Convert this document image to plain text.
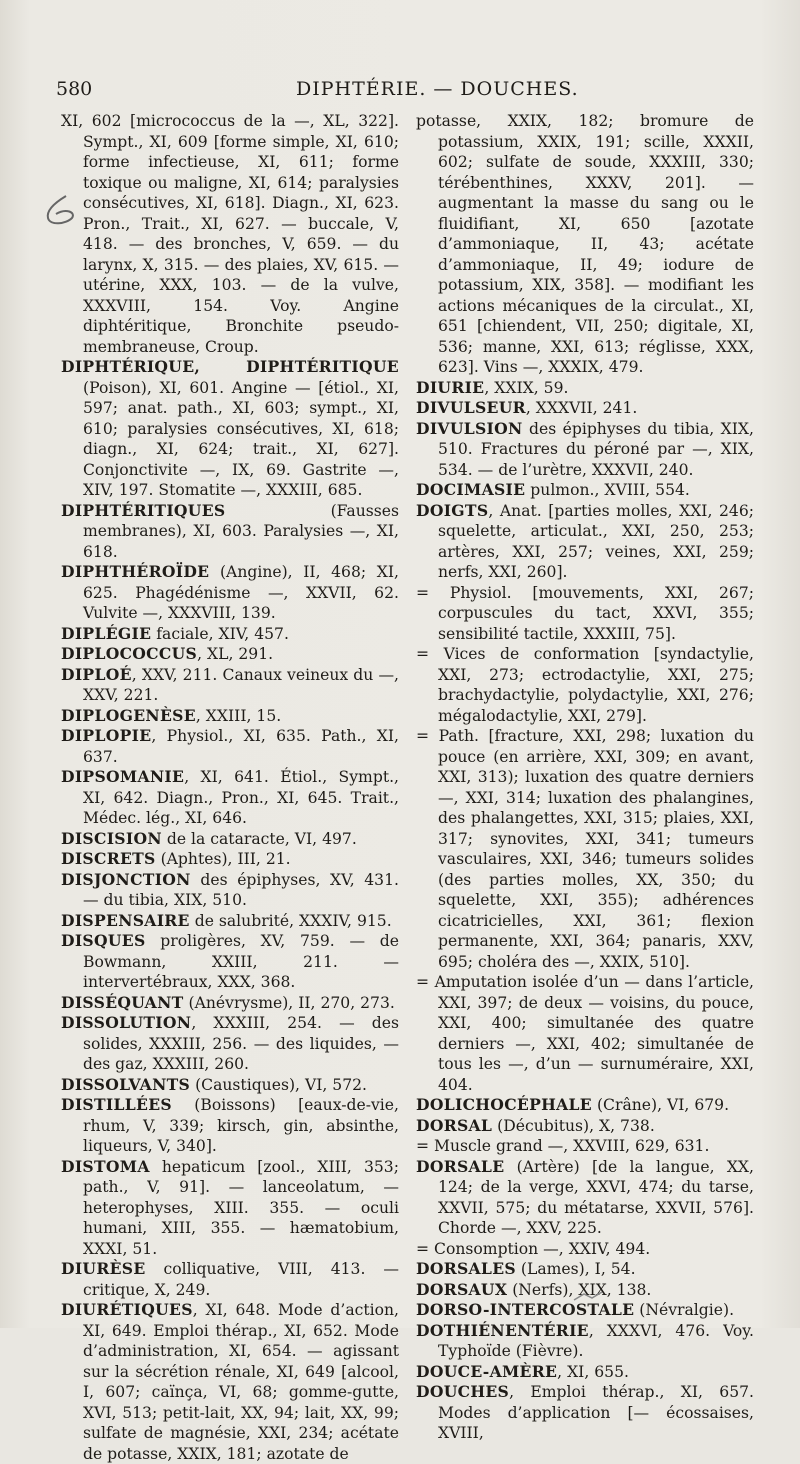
580	DIPHTÉRIE. — DOUCHES.

XI, 602 [micrococcus de la —, XL, 322]. Sympt., XI, 609 [forme simple, XI, 610; forme infectieuse, XI, 611; forme toxique ou maligne, XI, 614; paralysies consécutives, XI, 618]. Diagn., XI, 623. Pron., Trait., XI, 627. — buccale, V, 418. — des bronches, V, 659. — du larynx, X, 315. — des plaies, XV, 615. — utérine, XXX, 103. — de la vulve, XXXVIII, 154. Voy. Angine diphtéritique, Bronchite pseudo-membraneuse, Croup.

DIPHTÉRIQUE, DIPHTÉRITIQUE (Poison), XI, 601. Angine — [étiol., XI, 597; anat. path., XI, 603; sympt., XI, 610; paralysies consécutives, XI, 618; diagn., XI, 624; trait., XI, 627]. Conjonctivite —, IX, 69. Gastrite —, XIV, 197. Stomatite —, XXXIII, 685.

DIPHTÉRITIQUES	(Fausses membranes), XI, 603. Paralysies —, XI, 618.

DIPHTHÉROÏDE (Angine), II, 468; XI, 625. Phagédénisme —, XXVII, 62. Vulvite —, XXXVIII, 139.

DIPLÉGIE faciale, XIV, 457.

DIPLOCOCCUS, XL, 291.

DIPLOÉ, XXV, 211. Canaux veineux du —, XXV, 221.

DIPLOGENÈSE, XXIII, 15.

DIPLOPIE, Physiol., XI, 635. Path., XI, 637.

DIPSOMANIE, XI, 641. Étiol., Sympt., XI, 642. Diagn., Pron., XI, 645. Trait., Médec. lég., XI, 646.

DISCISION de la cataracte, VI, 497.

DISCRETS (Aphtes), III, 21.

DISJONCTION des épiphyses, XV, 431. — du tibia, XIX, 510.

DISPENSAIRE de salubrité, XXXIV, 915.

DISQUES proligères, XV, 759. — de Bowmann, XXIII, 211. — intervertébraux, XXX, 368.

DISSÉQUANT (Anévrysme), II, 270, 273.

DISSOLUTION, XXXIII, 254. — des solides, XXXIII, 256. — des liquides, — des gaz, XXXIII, 260.

DISSOLVANTS (Caustiques), VI, 572.

DISTILLÉES (Boissons) [eaux-de-vie, rhum, V, 339; kirsch, gin, absinthe, liqueurs, V, 340].

DISTOMA hepaticum [zool., XIII, 353; path., V, 91]. — lanceolatum, — heterophyses, XIII. 355. — oculi humani, XIII, 355. — hæmatobium, XXXI, 51.

DIURÈSE colliquative, VIII, 413. — critique, X, 249.

DIURÉTIQUES, XI, 648. Mode d’action, XI, 649. Emploi thérap., XI, 652. Mode d’administration, XI, 654. — agissant sur la sécrétion rénale, XI, 649 [alcool, I, 607; caïnça, VI, 68; gomme-gutte, XVI, 513; petit-lait, XX, 94; lait, XX, 99; sulfate de magnésie, XXI, 234; acétate de potasse, XXIX, 181; azotate de

potasse, XXIX, 182; bromure de potassium, XXIX, 191; scille, XXXII, 602; sulfate de soude, XXXIII, 330; térébenthines, XXXV, 201]. — augmentant la masse du sang ou le fluidifiant, XI, 650 [azotate d’ammoniaque, II, 43; acétate d’ammoniaque, II, 49; iodure de potassium, XIX, 358]. — modifiant les actions mécaniques de la circulat., XI, 651 [chiendent, VII, 250; digitale, XI, 536; manne, XXI, 613; réglisse, XXX, 623]. Vins —, XXXIX, 479.

DIURIE, XXIX, 59.

DIVULSEUR, XXXVII, 241.

DIVULSION des épiphyses du tibia, XIX, 510. Fractures du péroné par —, XIX, 534. — de l’urètre, XXXVII, 240.

DOCIMASIE pulmon., XVIII, 554.

DOIGTS, Anat. [parties molles, XXI, 246; squelette, articulat., XXI, 250, 253; artères, XXI, 257; veines, XXI, 259; nerfs, XXI, 260].

= Physiol. [mouvements, XXI, 267; corpuscules du tact, XXVI, 355; sensibilité tactile, XXXIII, 75].

= Vices de conformation [syndactylie, XXI, 273; ectrodactylie, XXI, 275; brachydactylie, polydactylie, XXI, 276; mégalodactylie, XXI, 279].

= Path. [fracture, XXI, 298; luxation du pouce (en arrière, XXI, 309; en avant, XXI, 313); luxation des quatre derniers —, XXI, 314; luxation des phalangines, des phalangettes, XXI, 315; plaies, XXI, 317; synovites, XXI, 341; tumeurs vasculaires, XXI, 346; tumeurs solides (des parties molles, XX, 350; du squelette, XXI, 355); adhérences cicatricielles, XXI, 361; flexion permanente, XXI, 364; panaris, XXV, 695; choléra des —, XXIX, 510].

= Amputation isolée d’un — dans l’article, XXI, 397; de deux — voisins, du pouce, XXI, 400; simultanée des quatre derniers —, XXI, 402; simultanée de tous les —, d’un — surnuméraire, XXI, 404.

DOLICHOCÉPHALE (Crâne), VI, 679.

DORSAL (Décubitus), X, 738.

= Muscle grand —, XXVIII, 629, 631.

DORSALE (Artère) [de la langue, XX, 124; de la verge, XXVI, 474; du tarse, XXVII, 575; du métatarse, XXVII, 576]. Chorde —, XXV, 225.

= Consomption —, XXIV, 494.

DORSALES (Lames), I, 54.

DORSAUX (Nerfs), XIX, 138.

DORSO-INTERCOSTALE (Névralgie).

DOTHIÉNENTÉRIE, XXXVI, 476. Voy. Typhoïde (Fièvre).

DOUCE-AMÈRE, XI, 655.

DOUCHES, Emploi thérap., XI, 657. Modes d’application [— écossaises, XVIII,
